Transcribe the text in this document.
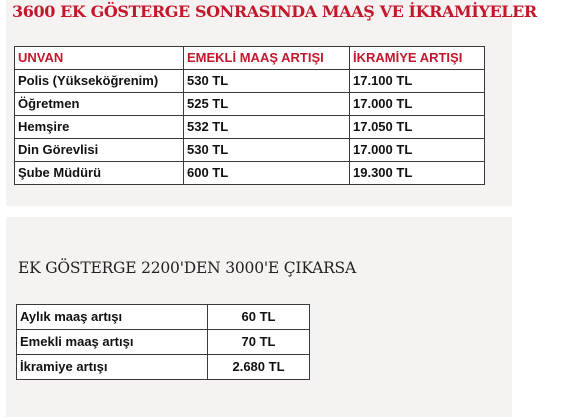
3600 EK GÖSTERGE SONRASINDA MAAŞ VE İKRAMİYELER
UNVAN	EMEKLİ MAAŞ ARTIŞI	İKRAMİYE ARTIŞI
Polis (Yükseköğrenim)	530 TL	17.100 TL
Öğretmen	525 TL	17.000 TL
Hemşire	532 TL	17.050 TL
Din Görevlisi	530 TL	17.000 TL
Şube Müdürü	600 TL	19.300 TL
EK GÖSTERGE 2200'DEN 3000'E ÇIKARSA
Aylık maaş artışı	60 TL
Emekli maaş artışı	70 TL
İkramiye artışı	2.680 TL
